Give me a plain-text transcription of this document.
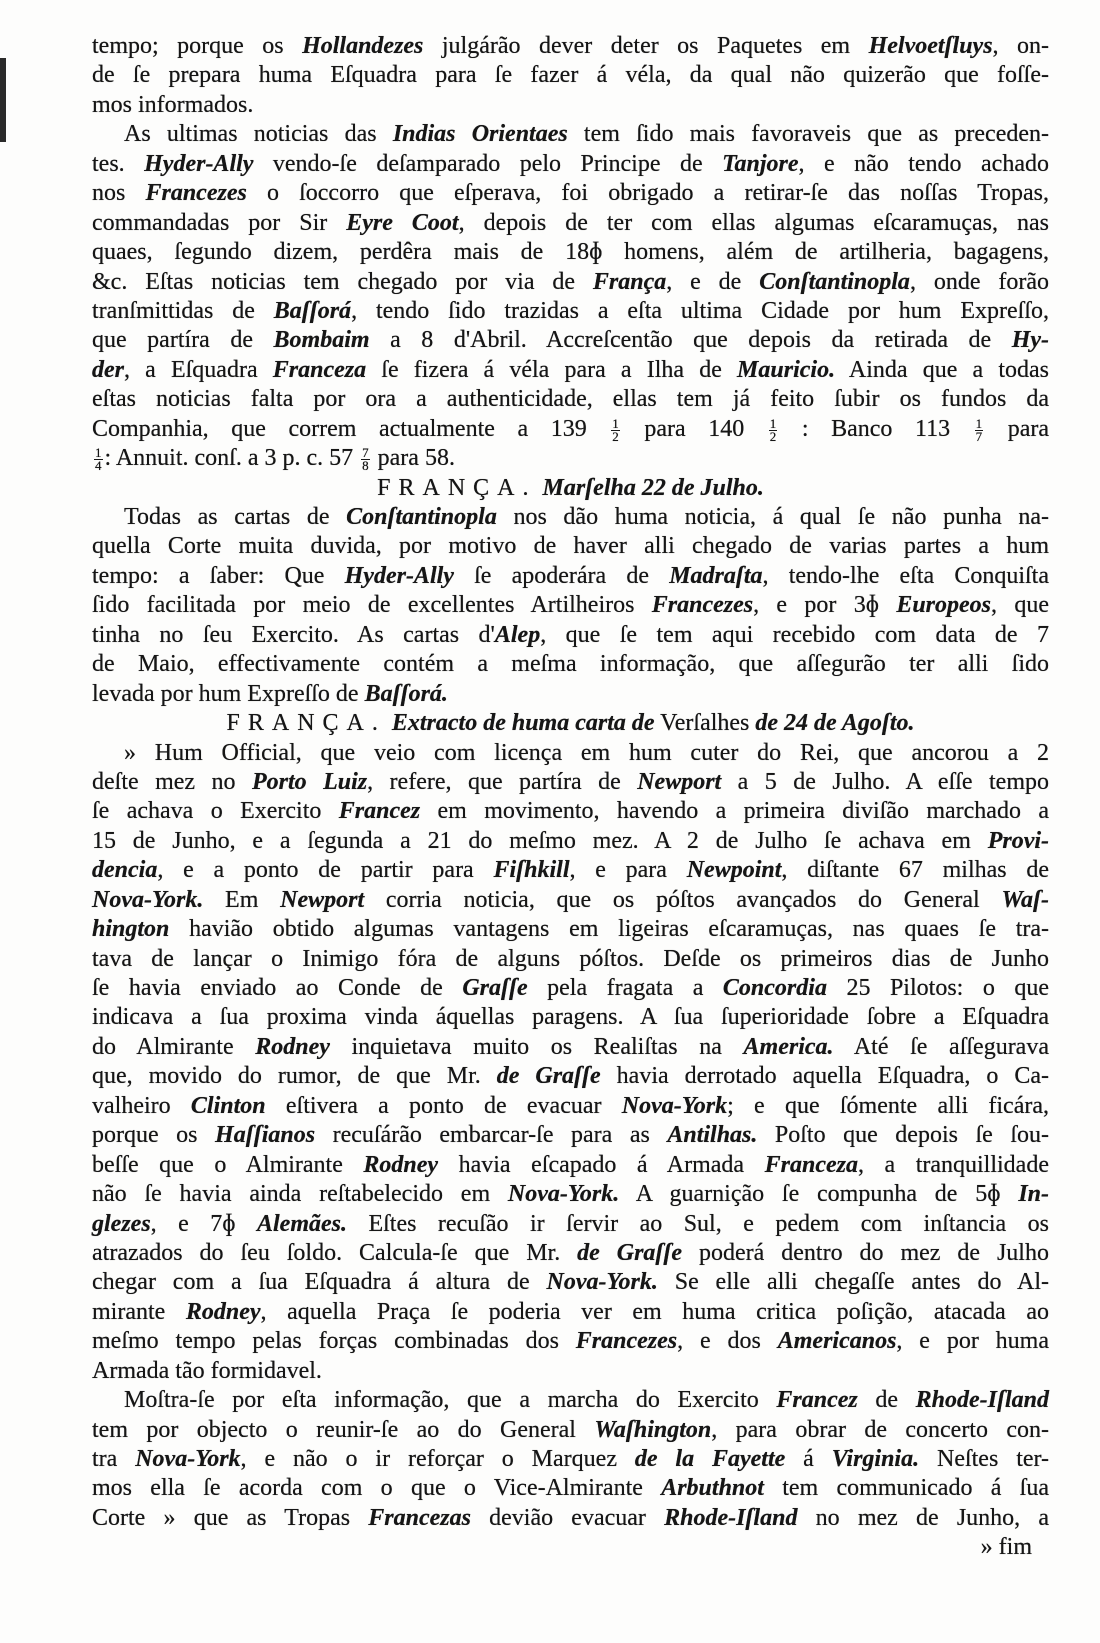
tempo; porque os Hollandezes julgárão dever deter os Paquetes em Helvoetſluys, on-
de ſe prepara huma Eſquadra para ſe fazer á véla, da qual não quizerão que foſſe-
mos informados.
As ultimas noticias das Indias Orientaes tem ſido mais favoraveis que as preceden-
tes. Hyder-Ally vendo-ſe deſamparado pelo Principe de Tanjore, e não tendo achado
nos Francezes o ſoccorro que eſperava, foi obrigado a retirar-ſe das noſſas Tropas,
commandadas por Sir Eyre Coot, depois de ter com ellas algumas eſcaramuças, nas
quaes, ſegundo dizem, perdêra mais de 18ɸ homens, além de artilheria, bagagens,
&c. Eſtas noticias tem chegado por via de França, e de Conſtantinopla, onde forão
tranſmittidas de Baſſorá, tendo ſido trazidas a eſta ultima Cidade por hum Expreſſo,
que partíra de Bombaim a 8 d'Abril. Accreſcentão que depois da retirada de Hy-
der, a Eſquadra Franceza ſe fizera á véla para a Ilha de Mauricio. Ainda que a todas
eſtas noticias falta por ora a authenticidade, ellas tem já feito ſubir os fundos da
Companhia, que correm actualmente a $139 \frac{1}{2}$ para $140 \frac{1}{2}$ : Banco $113 \frac{1}{7}$ para
$\frac{1}{4}$ : Annuit. conſ. a 3 p. c. $57 \frac{7}{8}$ para 58.
FRANÇA. Marſelha 22 de Julho.
Todas as cartas de Conſtantinopla nos dão huma noticia, á qual ſe não punha na-
quella Corte muita duvida, por motivo de haver alli chegado de varias partes a hum
tempo: a ſaber: Que Hyder-Ally ſe apoderára de Madraſta, tendo-lhe eſta Conquiſta
ſido facilitada por meio de excellentes Artilheiros Francezes, e por 3ɸ Europeos, que
tinha no ſeu Exercito. As cartas d'Alep, que ſe tem aqui recebido com data de 7
de Maio, effectivamente contém a meſma informação, que aſſegurão ter alli ſido
levada por hum Expreſſo de Baſſorá.
FRANÇA. Extracto de huma carta de Verſalhes de 24 de Agoſto.
» Hum Official, que veio com licença em hum cuter do Rei, que ancorou a 2
deſte mez no Porto Luiz, refere, que partíra de Newport a 5 de Julho. A eſſe tempo
ſe achava o Exercito Francez em movimento, havendo a primeira diviſão marchado a
15 de Junho, e a ſegunda a 21 do meſmo mez. A 2 de Julho ſe achava em Provi-
dencia, e a ponto de partir para Fiſhkill, e para Newpoint, diſtante 67 milhas de
Nova-York. Em Newport corria noticia, que os póſtos avançados do General Waſ-
hington havião obtido algumas vantagens em ligeiras eſcaramuças, nas quaes ſe tra-
tava de lançar o Inimigo fóra de alguns póſtos. Deſde os primeiros dias de Junho
ſe havia enviado ao Conde de Graſſe pela fragata a Concordia 25 Pilotos: o que
indicava a ſua proxima vinda áquellas paragens. A ſua ſuperioridade ſobre a Eſquadra
do Almirante Rodney inquietava muito os Realiſtas na America. Até ſe aſſegurava
que, movido do rumor, de que Mr. de Graſſe havia derrotado aquella Eſquadra, o Ca-
valheiro Clinton eſtivera a ponto de evacuar Nova-York; e que ſómente alli ficára,
porque os Haſſianos recuſárão embarcar-ſe para as Antilhas. Poſto que depois ſe ſou-
beſſe que o Almirante Rodney havia eſcapado á Armada Franceza, a tranquillidade
não ſe havia ainda reſtabelecido em Nova-York. A guarnição ſe compunha de 5ɸ In-
glezes, e 7ɸ Alemães. Eſtes recuſão ir ſervir ao Sul, e pedem com inſtancia os
atrazados do ſeu ſoldo. Calcula-ſe que Mr. de Graſſe poderá dentro do mez de Julho
chegar com a ſua Eſquadra á altura de Nova-York. Se elle alli chegaſſe antes do Al-
mirante Rodney, aquella Praça ſe poderia ver em huma critica poſição, atacada ao
meſmo tempo pelas forças combinadas dos Francezes, e dos Americanos, e por huma
Armada tão formidavel.
Moſtra-ſe por eſta informação, que a marcha do Exercito Francez de Rhode-Iſland
tem por objecto o reunir-ſe ao do General Waſhington, para obrar de concerto con-
tra Nova-York, e não o ir reforçar o Marquez de la Fayette á Virginia. Neſtes ter-
mos ella ſe acorda com o que o Vice-Almirante Arbuthnot tem communicado á ſua
Corte » que as Tropas Francezas devião evacuar Rhode-Iſland no mez de Junho, a
» fim
